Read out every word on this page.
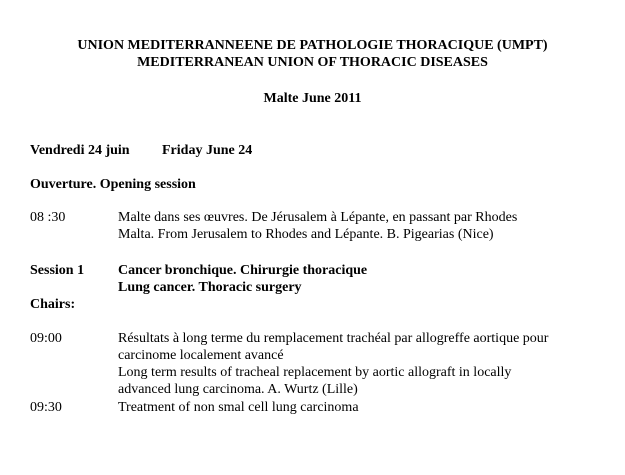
UNION MEDITERRANNEENE DE PATHOLOGIE THORACIQUE (UMPT)
MEDITERRANEAN UNION OF THORACIC DISEASES
Malte June 2011
Vendredi 24 juin Friday June 24
Ouverture. Opening session
08 :30	Malte dans ses œuvres. De Jérusalem à Lépante, en passant par Rhodes
Malta. From Jerusalem to Rhodes and Lépante. B. Pigearias (Nice)
Session 1 Cancer bronchique. Chirurgie thoracique
Lung cancer. Thoracic surgery
Chairs:
09:00	Résultats à long terme du remplacement trachéal par allogreffe aortique pour
carcinome localement avancé
Long term results of tracheal replacement by aortic allograft in locally
advanced lung carcinoma. A. Wurtz (Lille)
09:30	Treatment of non smal cell lung carcinoma
